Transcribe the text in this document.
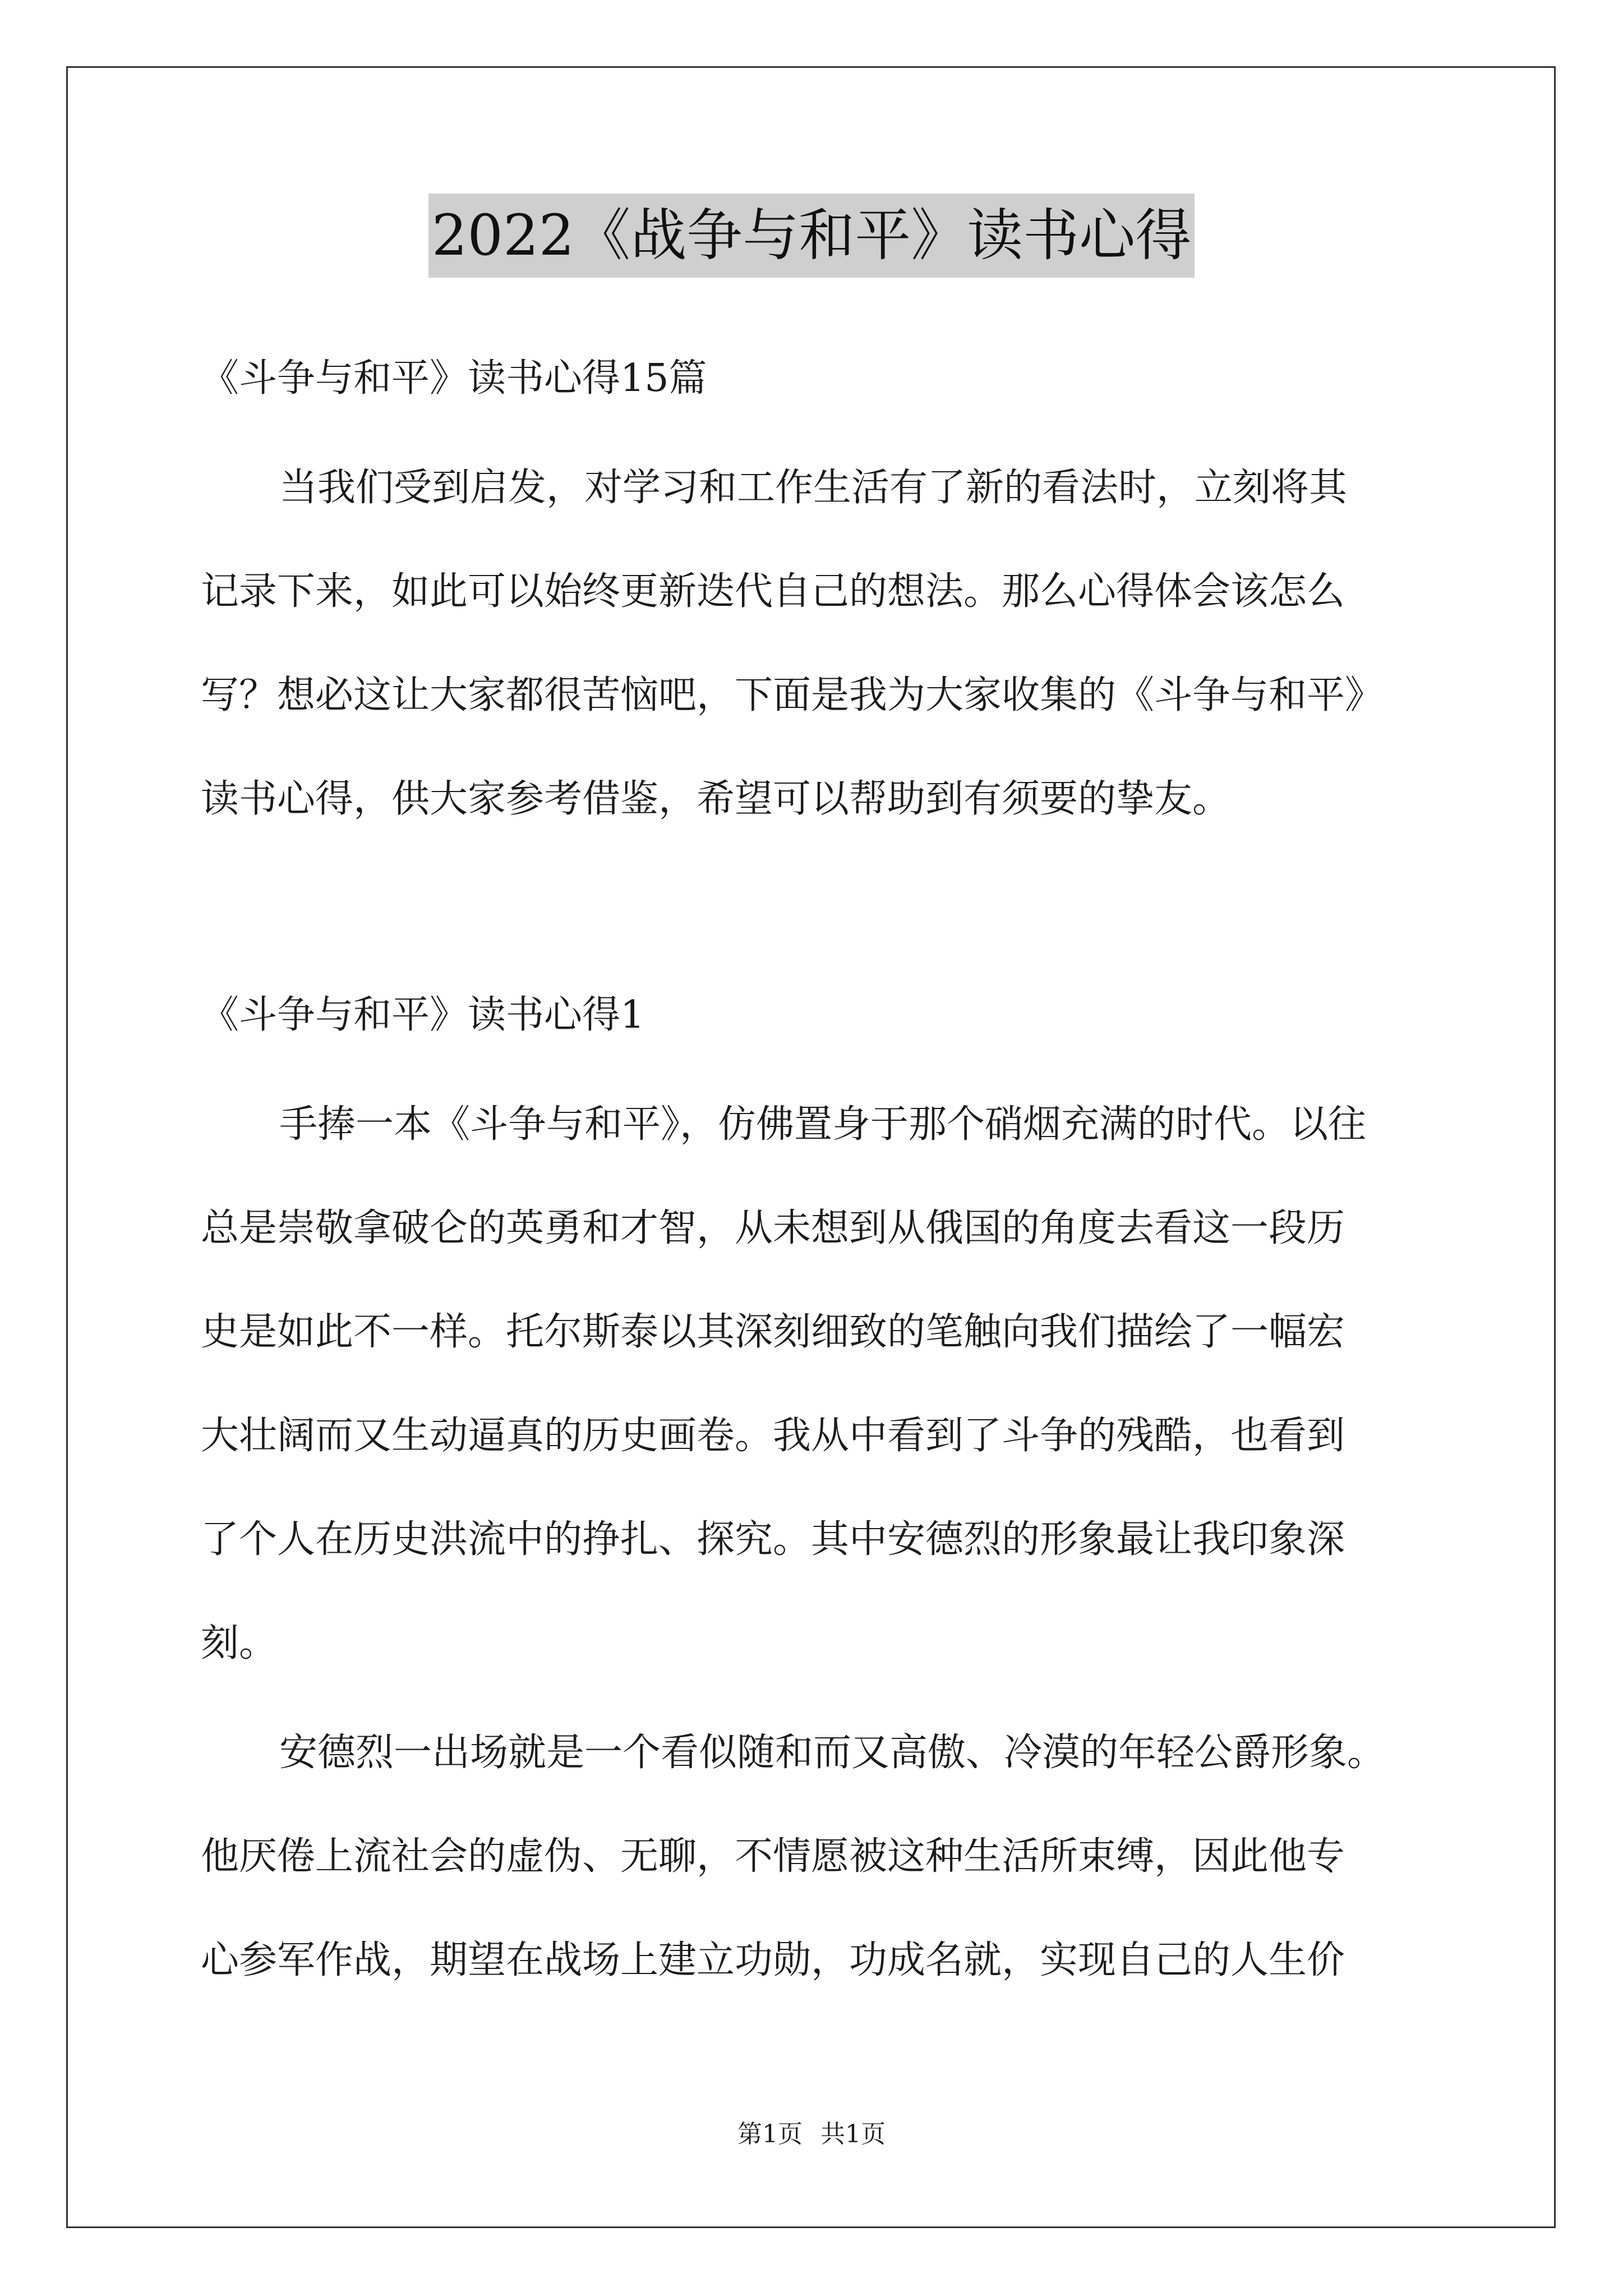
2022《战争与和平》读书心得
《斗争与和平》读书心得15篇
当我们受到启发，对学习和工作生活有了新的看法时，立刻将其
记录下来，如此可以始终更新迭代自己的想法。那么心得体会该怎么
写？想必这让大家都很苦恼吧，下面是我为大家收集的《斗争与和平》
读书心得，供大家参考借鉴，希望可以帮助到有须要的挚友。
《斗争与和平》读书心得1
手捧一本《斗争与和平》，仿佛置身于那个硝烟充满的时代。以往
总是崇敬拿破仑的英勇和才智，从未想到从俄国的角度去看这一段历
史是如此不一样。托尔斯泰以其深刻细致的笔触向我们描绘了一幅宏
大壮阔而又生动逼真的历史画卷。我从中看到了斗争的残酷，也看到
了个人在历史洪流中的挣扎、探究。其中安德烈的形象最让我印象深
刻。
安德烈一出场就是一个看似随和而又高傲、冷漠的年轻公爵形象。
他厌倦上流社会的虚伪、无聊，不情愿被这种生活所束缚，因此他专
心参军作战，期望在战场上建立功勋，功成名就，实现自己的人生价
第1页 共1页
